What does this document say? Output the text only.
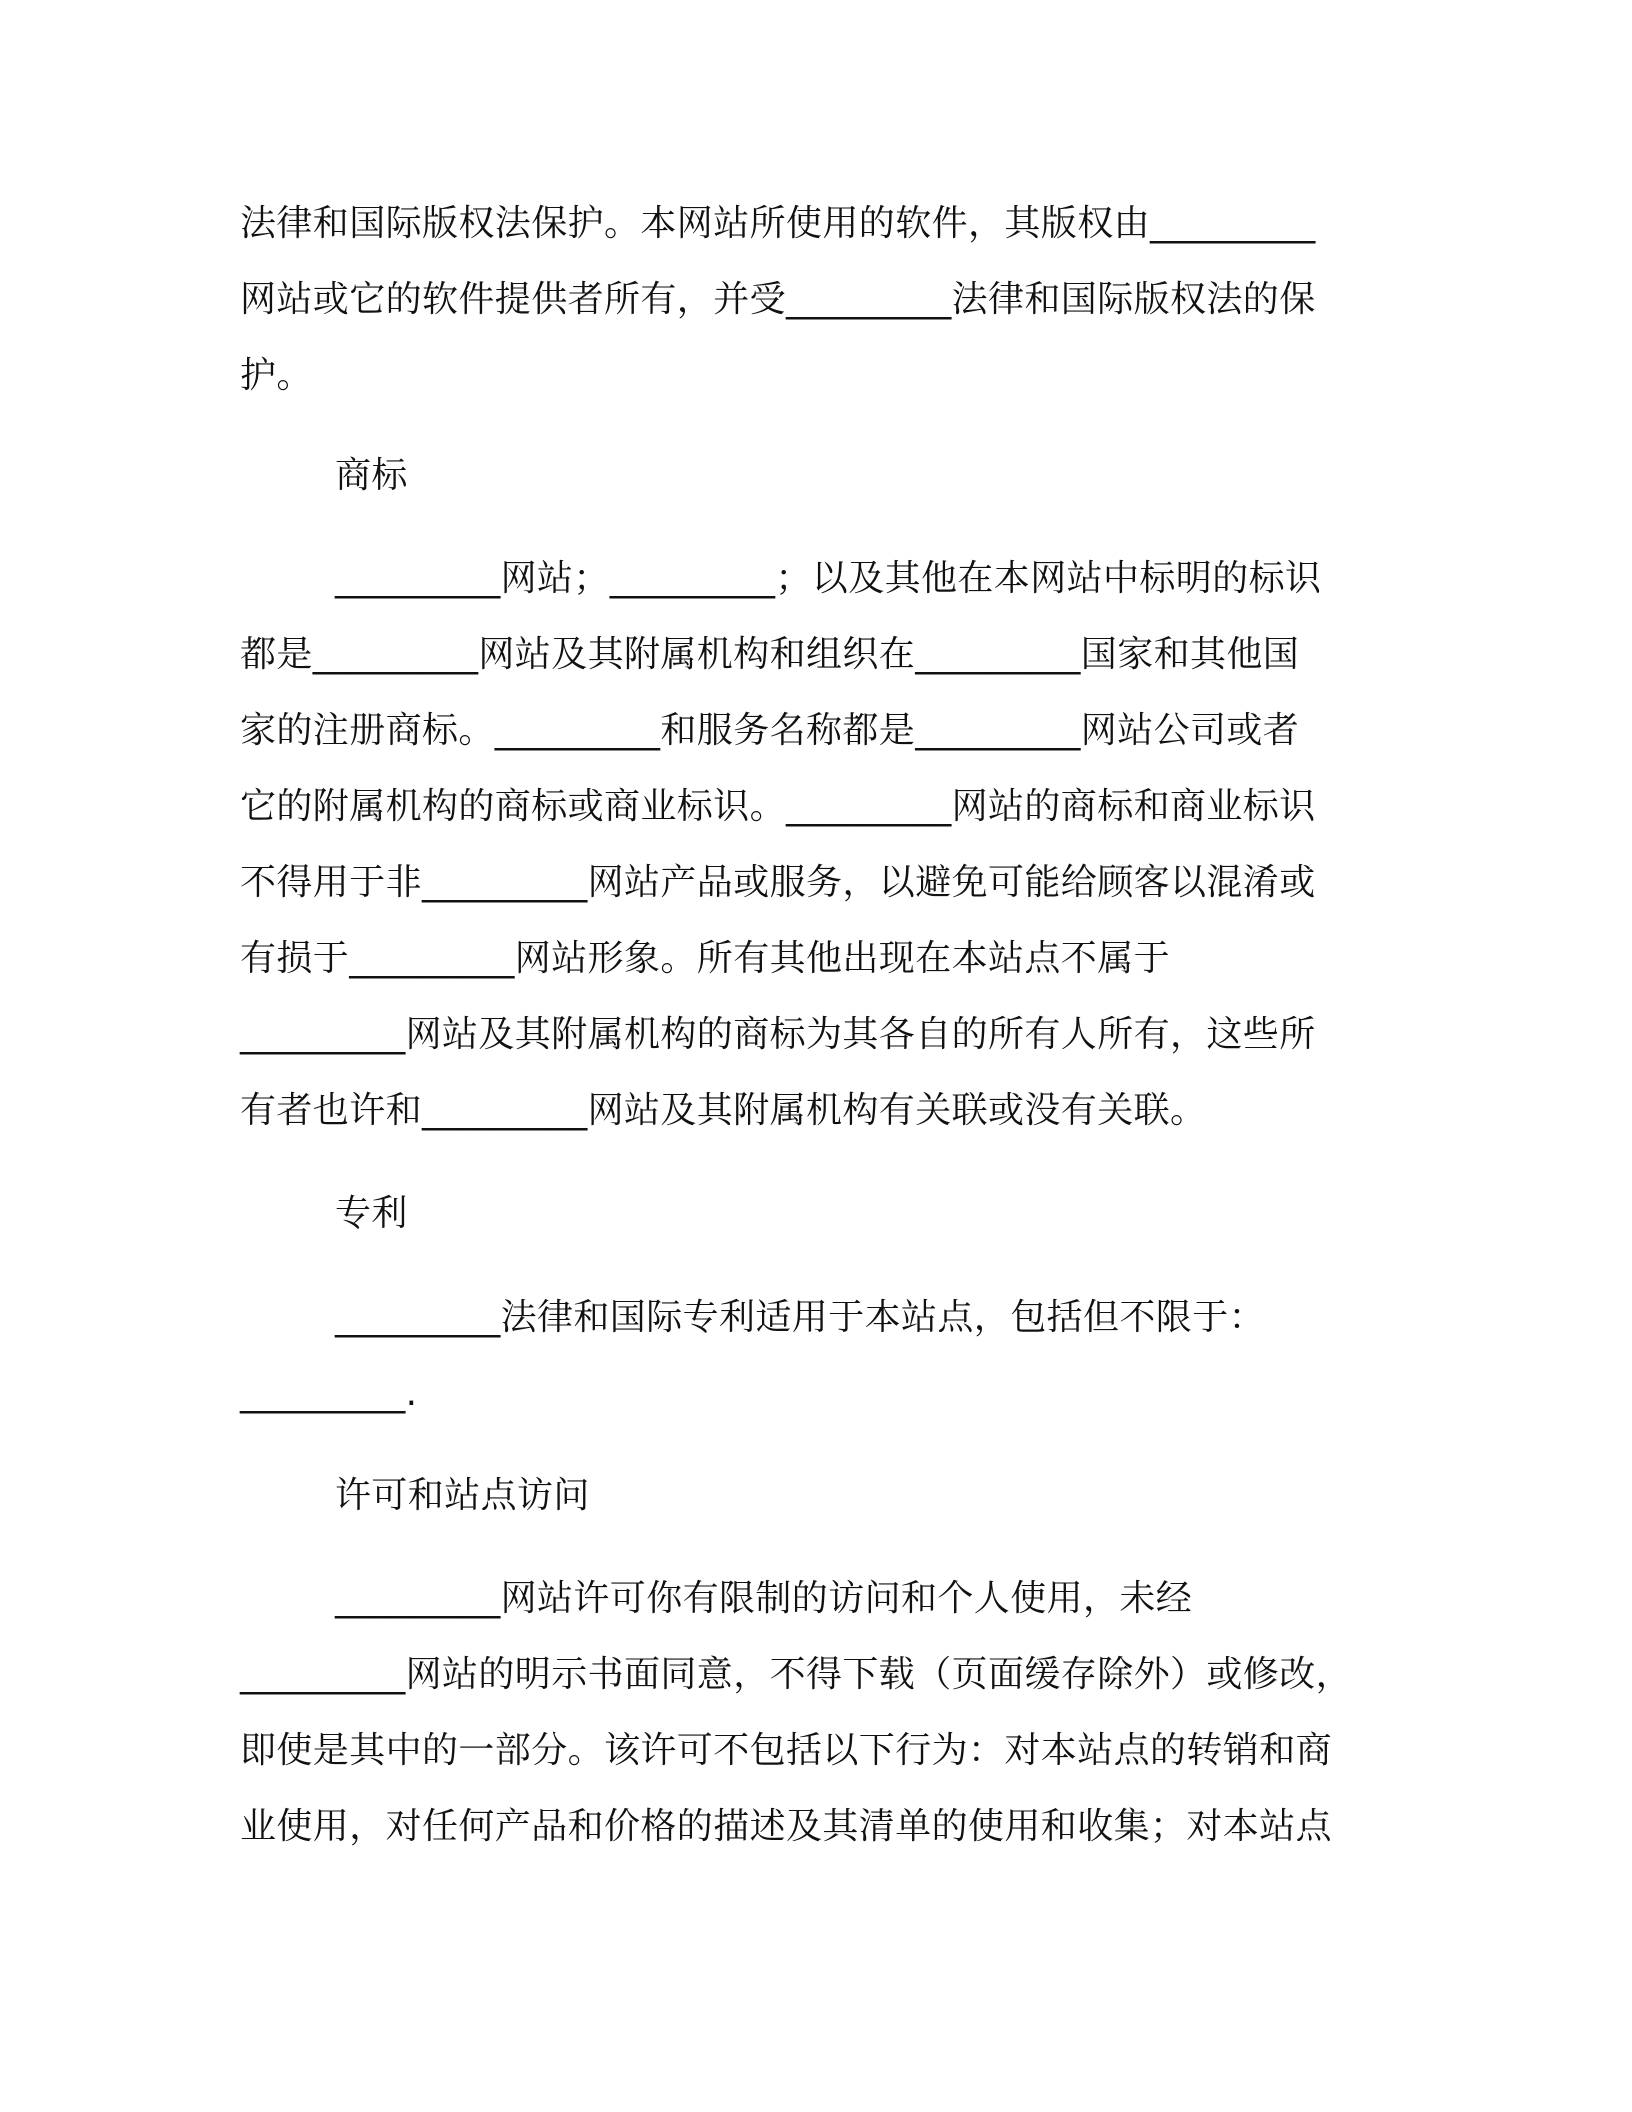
法律和国际版权法保护。本网站所使用的软件，其版权由_________
网站或它的软件提供者所有，并受_________法律和国际版权法的保
护。
商标
_________网站；_________；以及其他在本网站中标明的标识
都是_________网站及其附属机构和组织在_________国家和其他国
家的注册商标。_________和服务名称都是_________网站公司或者
它的附属机构的商标或商业标识。_________网站的商标和商业标识
不得用于非_________网站产品或服务，以避免可能给顾客以混淆或
有损于_________网站形象。所有其他出现在本站点不属于
_________网站及其附属机构的商标为其各自的所有人所有，这些所
有者也许和_________网站及其附属机构有关联或没有关联。
专利
_________法律和国际专利适用于本站点，包括但不限于：
_________.
许可和站点访问
_________网站许可你有限制的访问和个人使用，未经
_________网站的明示书面同意，不得下载（页面缓存除外）或修改，
即使是其中的一部分。该许可不包括以下行为：对本站点的转销和商
业使用，对任何产品和价格的描述及其清单的使用和收集；对本站点
